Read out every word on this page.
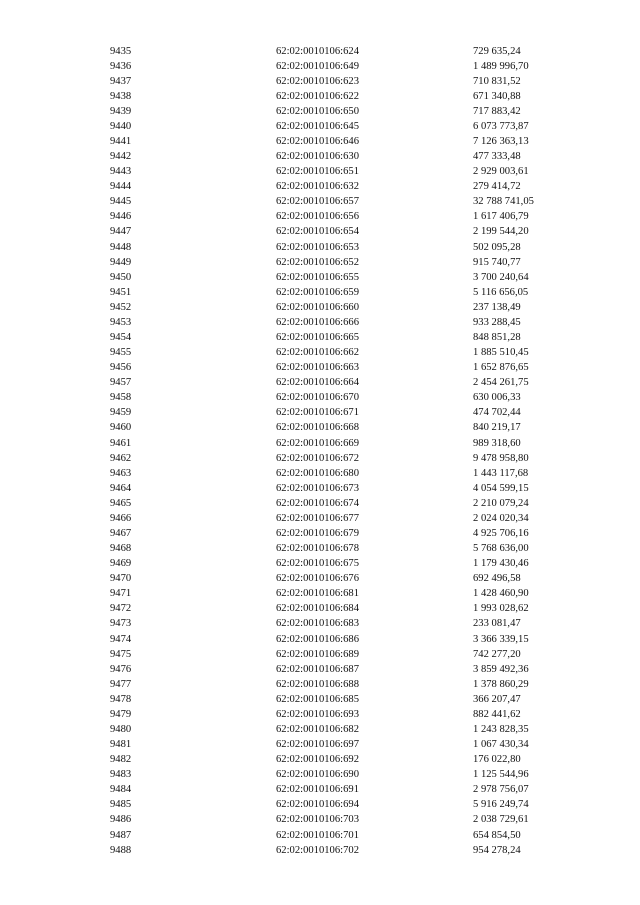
9435	62:02:0010106:624	729 635,24
9436	62:02:0010106:649	1 489 996,70
9437	62:02:0010106:623	710 831,52
9438	62:02:0010106:622	671 340,88
9439	62:02:0010106:650	717 883,42
9440	62:02:0010106:645	6 073 773,87
9441	62:02:0010106:646	7 126 363,13
9442	62:02:0010106:630	477 333,48
9443	62:02:0010106:651	2 929 003,61
9444	62:02:0010106:632	279 414,72
9445	62:02:0010106:657	32 788 741,05
9446	62:02:0010106:656	1 617 406,79
9447	62:02:0010106:654	2 199 544,20
9448	62:02:0010106:653	502 095,28
9449	62:02:0010106:652	915 740,77
9450	62:02:0010106:655	3 700 240,64
9451	62:02:0010106:659	5 116 656,05
9452	62:02:0010106:660	237 138,49
9453	62:02:0010106:666	933 288,45
9454	62:02:0010106:665	848 851,28
9455	62:02:0010106:662	1 885 510,45
9456	62:02:0010106:663	1 652 876,65
9457	62:02:0010106:664	2 454 261,75
9458	62:02:0010106:670	630 006,33
9459	62:02:0010106:671	474 702,44
9460	62:02:0010106:668	840 219,17
9461	62:02:0010106:669	989 318,60
9462	62:02:0010106:672	9 478 958,80
9463	62:02:0010106:680	1 443 117,68
9464	62:02:0010106:673	4 054 599,15
9465	62:02:0010106:674	2 210 079,24
9466	62:02:0010106:677	2 024 020,34
9467	62:02:0010106:679	4 925 706,16
9468	62:02:0010106:678	5 768 636,00
9469	62:02:0010106:675	1 179 430,46
9470	62:02:0010106:676	692 496,58
9471	62:02:0010106:681	1 428 460,90
9472	62:02:0010106:684	1 993 028,62
9473	62:02:0010106:683	233 081,47
9474	62:02:0010106:686	3 366 339,15
9475	62:02:0010106:689	742 277,20
9476	62:02:0010106:687	3 859 492,36
9477	62:02:0010106:688	1 378 860,29
9478	62:02:0010106:685	366 207,47
9479	62:02:0010106:693	882 441,62
9480	62:02:0010106:682	1 243 828,35
9481	62:02:0010106:697	1 067 430,34
9482	62:02:0010106:692	176 022,80
9483	62:02:0010106:690	1 125 544,96
9484	62:02:0010106:691	2 978 756,07
9485	62:02:0010106:694	5 916 249,74
9486	62:02:0010106:703	2 038 729,61
9487	62:02:0010106:701	654 854,50
9488	62:02:0010106:702	954 278,24
